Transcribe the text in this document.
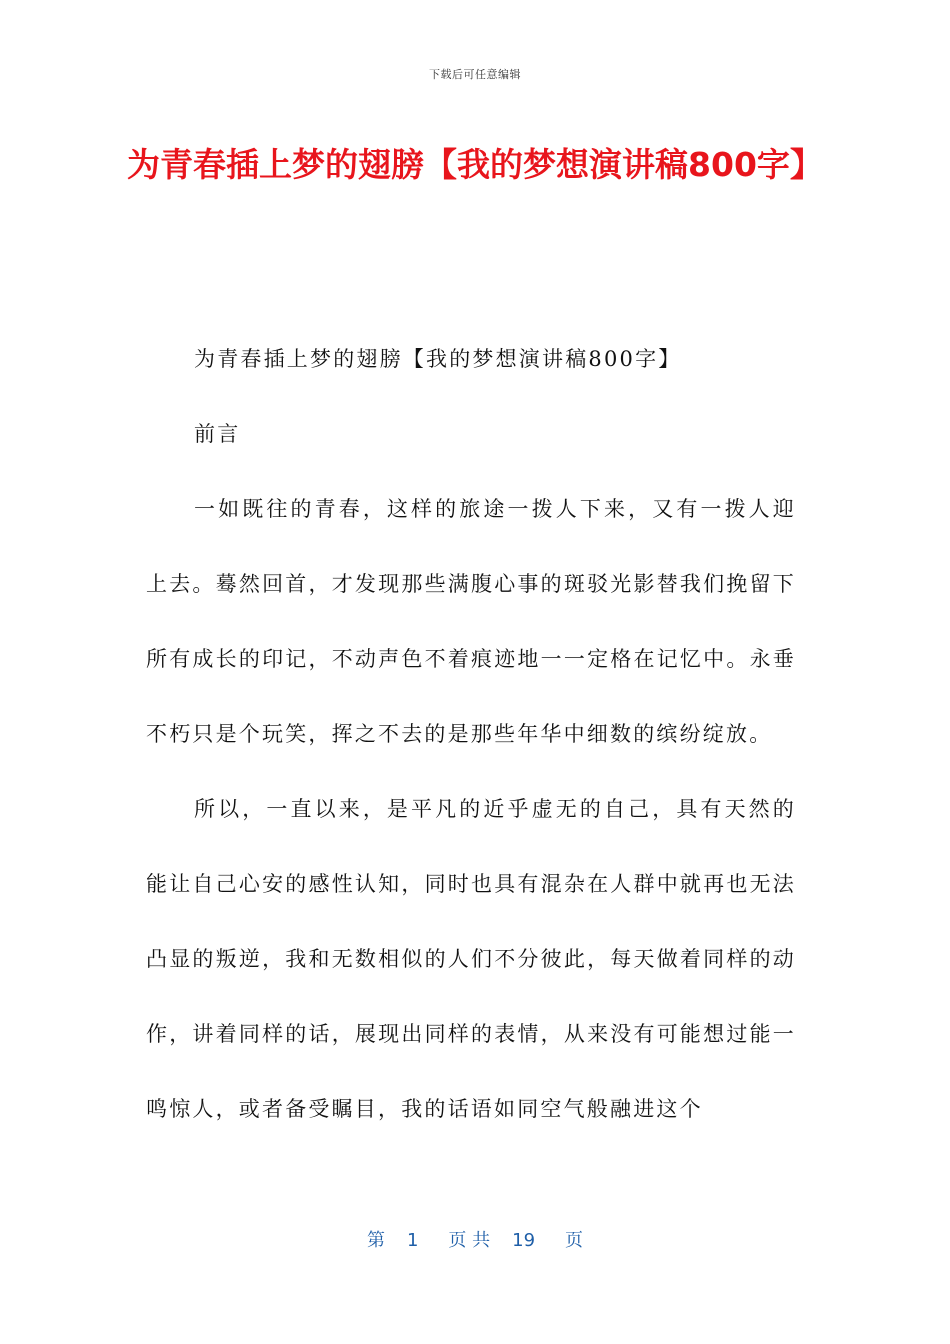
下载后可任意编辑
为青春插上梦的翅膀【我的梦想演讲稿800字】

为青春插上梦的翅膀【我的梦想演讲稿800字】

前言

一如既往的青春，这样的旅途一拨人下来，又有一拨人迎上去。蓦然回首，才发现那些满腹心事的斑驳光影替我们挽留下所有成长的印记，不动声色不着痕迹地一一定格在记忆中。永垂不朽只是个玩笑，挥之不去的是那些年华中细数的缤纷绽放。

所以，一直以来，是平凡的近乎虚无的自己，具有天然的能让自己心安的感性认知，同时也具有混杂在人群中就再也无法凸显的叛逆，我和无数相似的人们不分彼此，每天做着同样的动作，讲着同样的话，展现出同样的表情，从来没有可能想过能一鸣惊人，或者备受瞩目，我的话语如同空气般融进这个

第 1 页 共 19 页
